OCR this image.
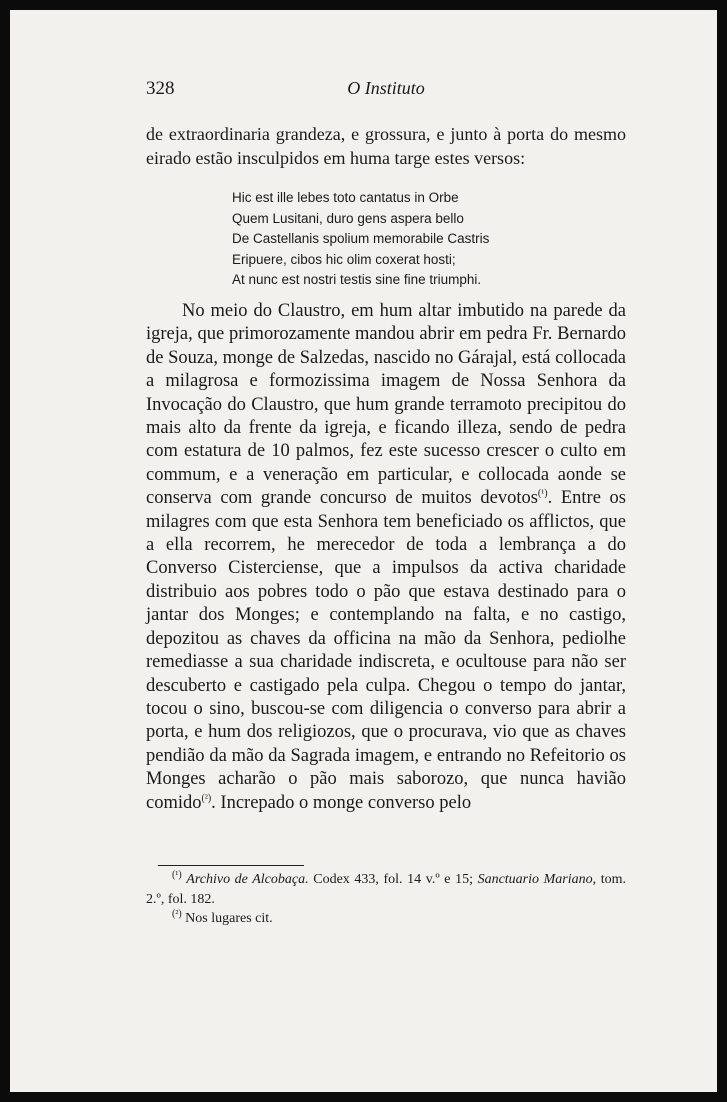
328	O Instituto

de extraordinaria grandeza, e grossura, e junto à porta do mesmo eirado estão insculpidos em huma targe estes versos:

Hic est ille lebes toto cantatus in Orbe
Quem Lusitani, duro gens aspera bello
De Castellanis spolium memorabile Castris
Eripuere, cibos hic olim coxerat hosti;
At nunc est nostri testis sine fine triumphi.

No meio do Claustro, em hum altar imbutido na parede da igreja, que primorozamente mandou abrir em pedra Fr. Bernardo de Souza, monge de Salzedas, nascido no Gárajal, está collocada a milagrosa e formozissima imagem de Nossa Senhora da Invocação do Claustro, que hum grande terramoto precipitou do mais alto da frente da igreja, e ficando illeza, sendo de pedra com estatura de 10 palmos, fez este sucesso crescer o culto em commum, e a veneração em particular, e collocada aonde se conserva com grande concurso de muitos devotos$^{(^1)}$. Entre os milagres com que esta Senhora tem beneficiado os afflictos, que a ella recorrem, he merecedor de toda a lembrança a do Converso Cisterciense, que a impulsos da activa charidade distribuio aos pobres todo o pão que estava destinado para o jantar dos Monges; e contemplando na falta, e no castigo, depozitou as chaves da officina na mão da Senhora, pediolhe remediasse a sua charidade indiscreta, e ocultouse para não ser descuberto e castigado pela culpa. Chegou o tempo do jantar, tocou o sino, buscou-se com diligencia o converso para abrir a porta, e hum dos religiozos, que o procurava, vio que as chaves pendião da mão da Sagrada imagem, e entrando no Refeitorio os Monges acharão o pão mais saborozo, que nunca havião comido$^{(^2)}$. Increpado o monge converso pelo

$^{(^1)}$ Archivo de Alcobaça. Codex 433, fol. 14 v.º e 15; Sanctuario Mariano, tom. 2.º, fol. 182.

$^{(^2)}$ Nos lugares cit.
